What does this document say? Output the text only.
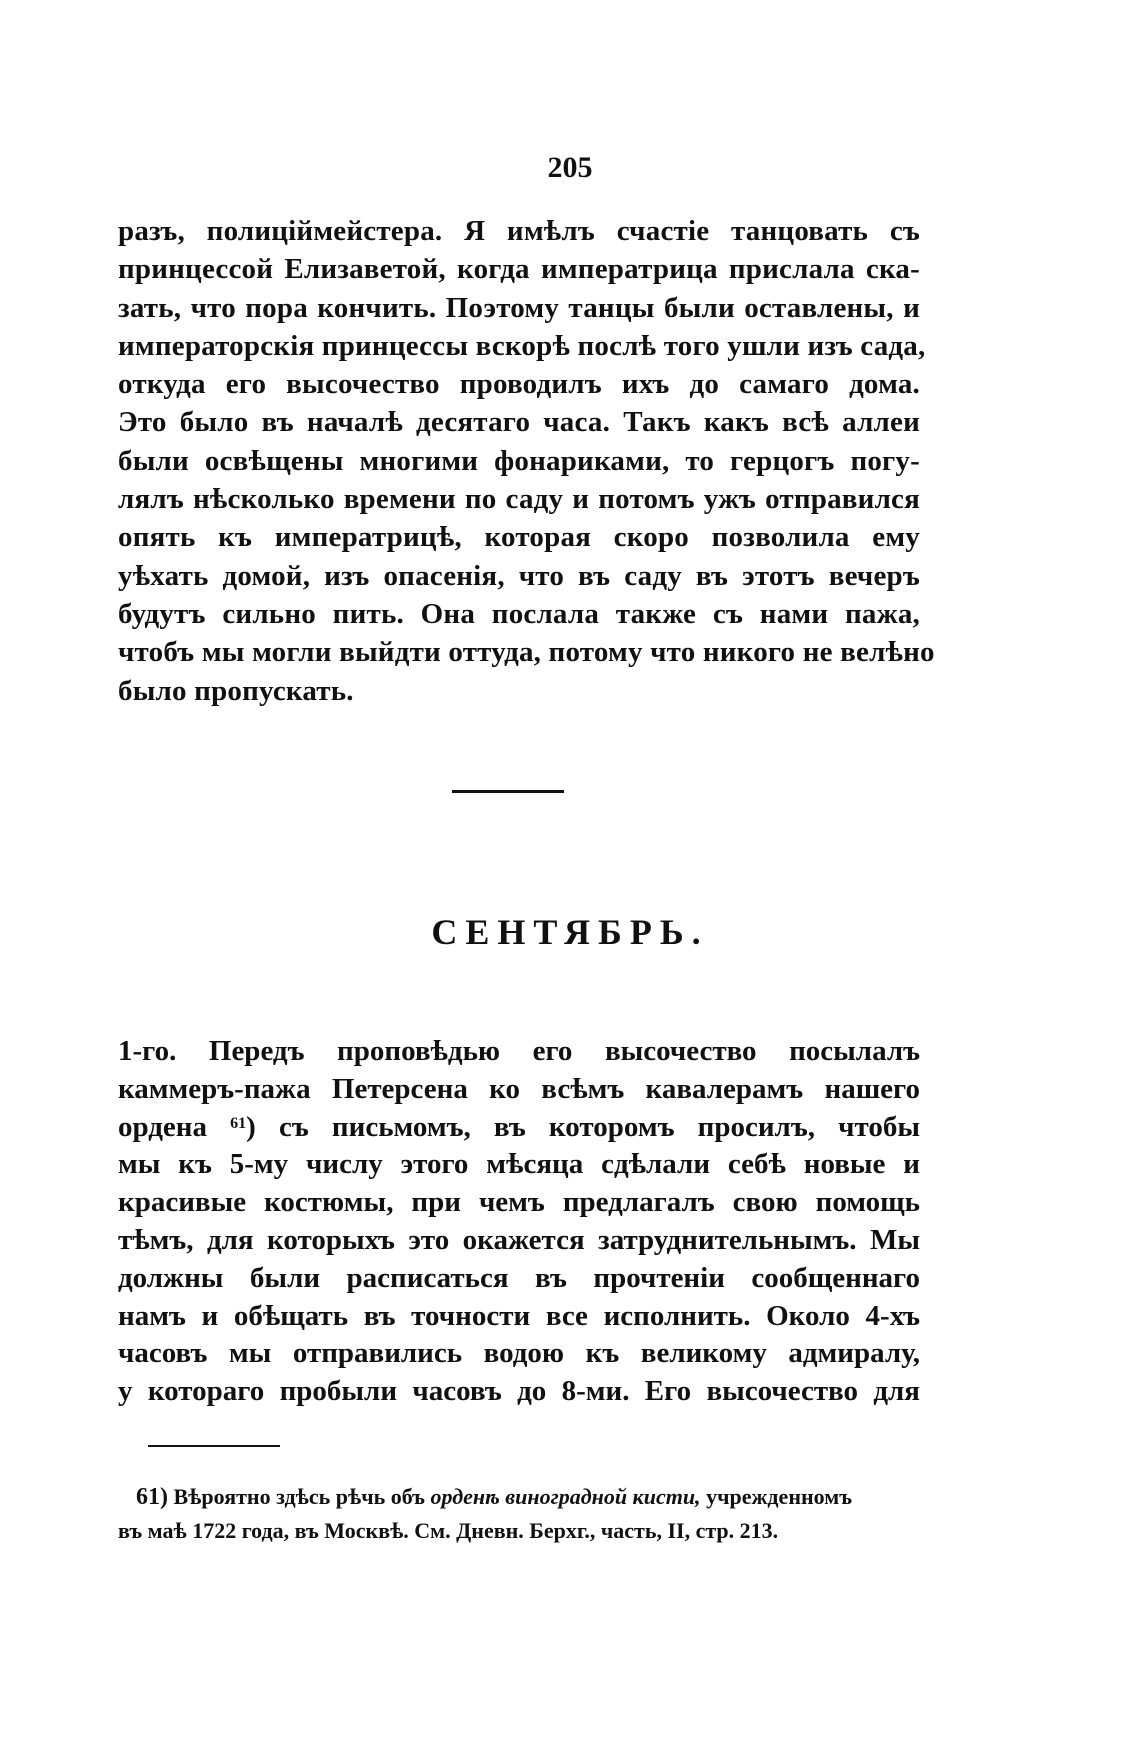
205
разъ, полицiймейстера. Я имѣлъ счастiе танцовать съ
принцессой Елизаветой, когда императрица прислала ска-
зать, что пора кончить. Поэтому танцы были оставлены, и
императорскiя принцессы вскорѣ послѣ того ушли изъ сада,
откуда его высочество проводилъ ихъ до самаго дома.
Это было въ началѣ десятаго часа. Такъ какъ всѣ аллеи
были освѣщены многими фонариками, то герцогъ погу-
лялъ нѣсколько времени по саду и потомъ ужъ отправился
опять къ императрицѣ, которая скоро позволила ему
уѣхать домой, изъ опасенiя, что въ саду въ этотъ вечеръ
будутъ сильно пить. Она послала также съ нами пажа,
чтобъ мы могли выйдти оттуда, потому что никого не велѣно
было пропускать.
СЕНТЯБРЬ.
1-го. Передъ проповѣдью его высочество посылалъ
каммеръ-пажа Петерсена ко всѣмъ кавалерамъ нашего
ордена $^{61}$) съ письмомъ, въ которомъ просилъ, чтобы
мы къ 5-му числу этого мѣсяца сдѣлали себѣ новые и
красивые костюмы, при чемъ предлагалъ свою помощь
тѣмъ, для которыхъ это окажется затруднительнымъ. Мы
должны были расписаться въ прочтенiи сообщеннаго
намъ и обѣщать въ точности все исполнить. Около 4-хъ
часовъ мы отправились водою къ великому адмиралу,
у котораго пробыли часовъ до 8-ми. Его высочество для
61) Вѣроятно здѣсь рѣчь объ орденѣ виноградной кисти, учрежденномъ
въ маѣ 1722 года, въ Москвѣ. См. Дневн. Берхг., часть, II, стр. 213.
